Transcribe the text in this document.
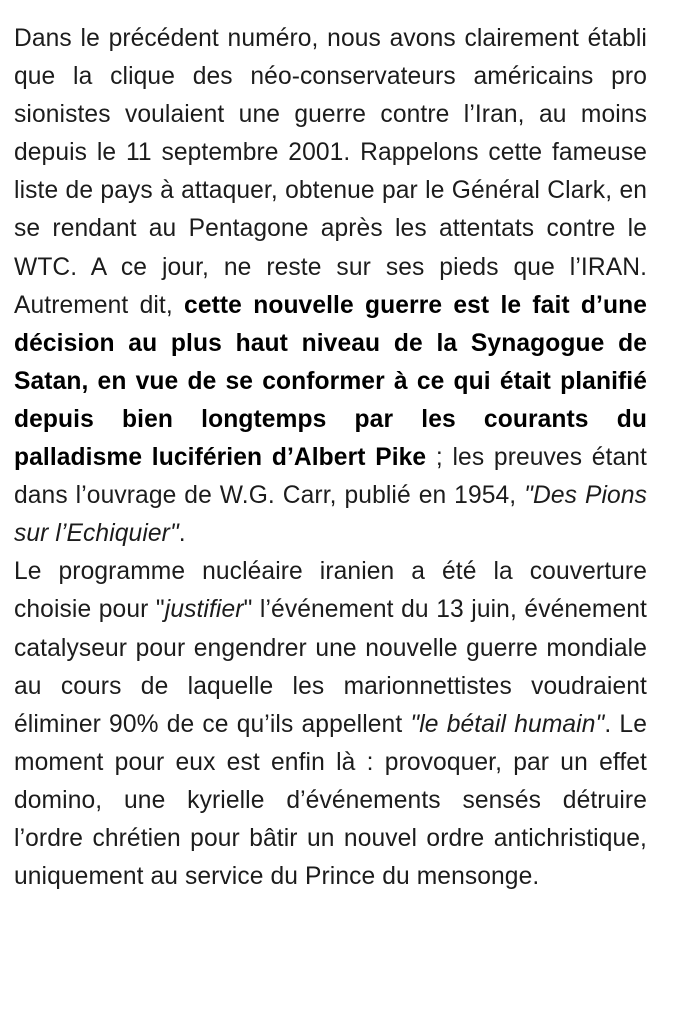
Dans le précédent numéro, nous avons clairement établi que la clique des néo-conservateurs américains pro sionistes voulaient une guerre contre l’Iran, au moins depuis le 11 septembre 2001. Rappelons cette fameuse liste de pays à attaquer, obtenue par le Général Clark, en se rendant au Pentagone après les attentats contre le WTC. A ce jour, ne reste sur ses pieds que l’IRAN. Autrement dit, cette nouvelle guerre est le fait d’une décision au plus haut niveau de la Synagogue de Satan, en vue de se conformer à ce qui était planifié depuis bien longtemps par les courants du palladisme luciférien d’Albert Pike ; les preuves étant dans l’ouvrage de W.G. Carr, publié en 1954, "Des Pions sur l’Echiquier".

Le programme nucléaire iranien a été la couverture choisie pour "justifier" l’événement du 13 juin, événement catalyseur pour engendrer une nouvelle guerre mondiale au cours de laquelle les marionnettistes voudraient éliminer 90% de ce qu’ils appellent "le bétail humain". Le moment pour eux est enfin là : provoquer, par un effet domino, une kyrielle d’événements sensés détruire l’ordre chrétien pour bâtir un nouvel ordre antichristique, uniquement au service du Prince du mensonge.
